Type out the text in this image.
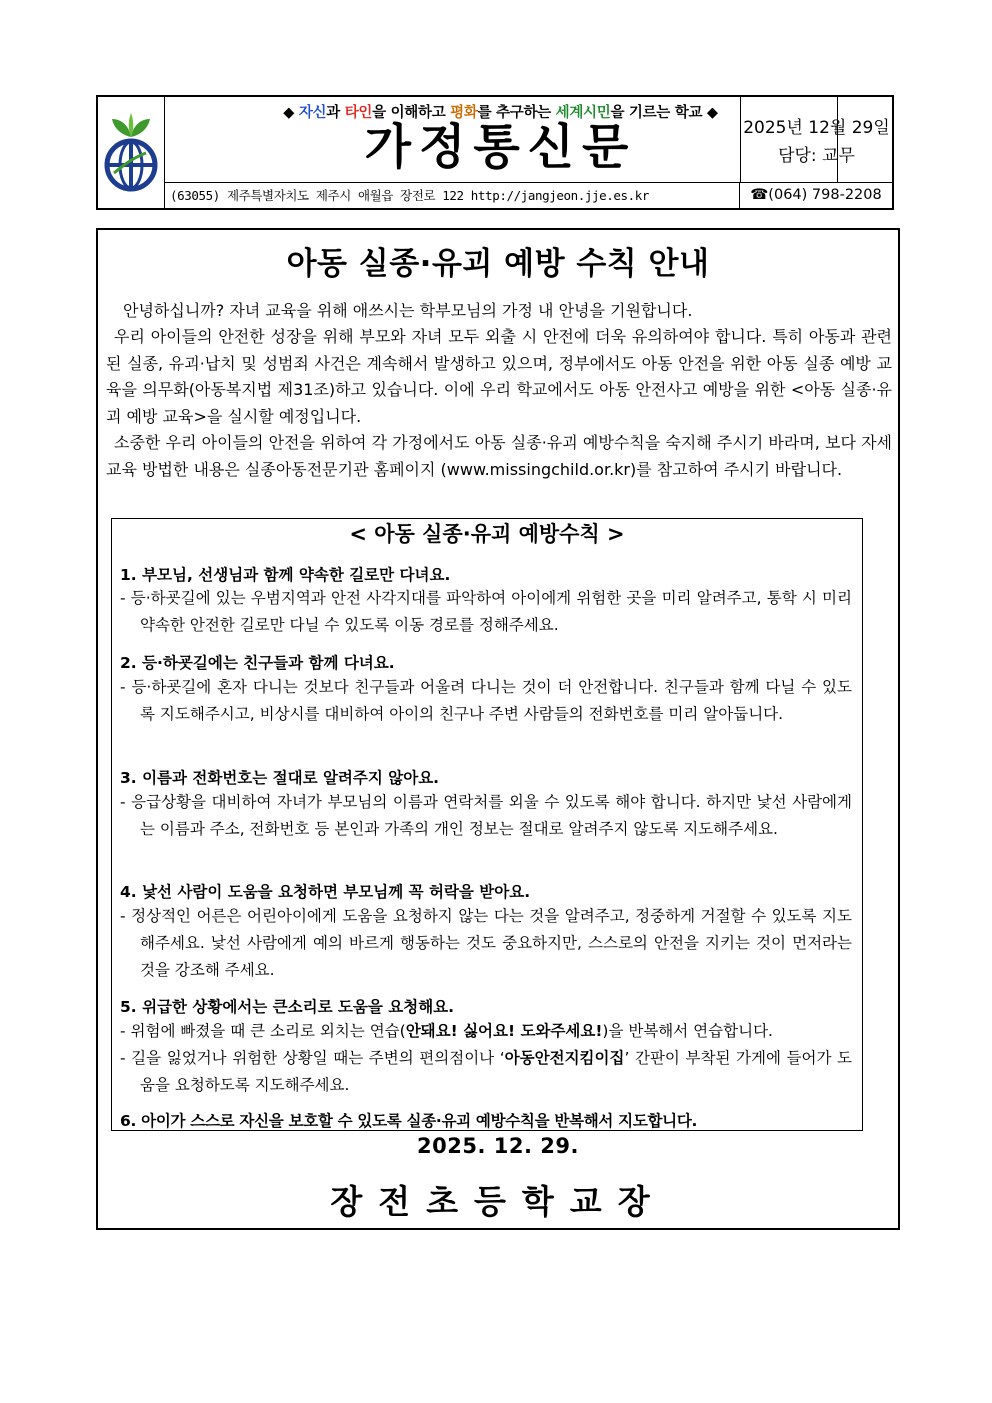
◆ 자신과 타인을 이해하고 평화를 추구하는 세계시민을 기르는 학교 ◆
가정통신문	2025년 12월 29일
담당: 교무
(63055) 제주특별자치도 제주시 애월읍 장전로 122 http://jangjeon.jje.es.kr	☎(064) 798-2208
아동 실종·유괴 예방 수칙 안내
안녕하십니까? 자녀 교육을 위해 애쓰시는 학부모님의 가정 내 안녕을 기원합니다.
우리 아이들의 안전한 성장을 위해 부모와 자녀 모두 외출 시 안전에 더욱 유의하여야 합니다. 특히 아동과 관련된 실종, 유괴·납치 및 성범죄 사건은 계속해서 발생하고 있으며, 정부에서도 아동 안전을 위한 아동 실종 예방 교육을 의무화(아동복지법 제31조)하고 있습니다. 이에 우리 학교에서도 아동 안전사고 예방을 위한 <아동 실종·유괴 예방 교육>을 실시할 예정입니다.
소중한 우리 아이들의 안전을 위하여 각 가정에서도 아동 실종·유괴 예방수칙을 숙지해 주시기 바라며, 보다 자세교육 방법한 내용은 실종아동전문기관 홈페이지 (www.missingchild.or.kr)를 참고하여 주시기 바랍니다.
< 아동 실종·유괴 예방수칙 >
1. 부모님, 선생님과 함께 약속한 길로만 다녀요.
- 등·하굣길에 있는 우범지역과 안전 사각지대를 파악하여 아이에게 위험한 곳을 미리 알려주고, 통학 시 미리 약속한 안전한 길로만 다닐 수 있도록 이동 경로를 정해주세요.
2. 등·하굣길에는 친구들과 함께 다녀요.
- 등·하굣길에 혼자 다니는 것보다 친구들과 어울려 다니는 것이 더 안전합니다. 친구들과 함께 다닐 수 있도록 지도해주시고, 비상시를 대비하여 아이의 친구나 주변 사람들의 전화번호를 미리 알아둡니다.
3. 이름과 전화번호는 절대로 알려주지 않아요.
- 응급상황을 대비하여 자녀가 부모님의 이름과 연락처를 외울 수 있도록 해야 합니다. 하지만 낯선 사람에게는 이름과 주소, 전화번호 등 본인과 가족의 개인 정보는 절대로 알려주지 않도록 지도해주세요.
4. 낯선 사람이 도움을 요청하면 부모님께 꼭 허락을 받아요.
- 정상적인 어른은 어린아이에게 도움을 요청하지 않는 다는 것을 알려주고, 정중하게 거절할 수 있도록 지도해주세요. 낯선 사람에게 예의 바르게 행동하는 것도 중요하지만, 스스로의 안전을 지키는 것이 먼저라는 것을 강조해 주세요.
5. 위급한 상황에서는 큰소리로 도움을 요청해요.
- 위험에 빠졌을 때 큰 소리로 외치는 연습(안돼요! 싫어요! 도와주세요!)을 반복해서 연습합니다.
- 길을 잃었거나 위험한 상황일 때는 주변의 편의점이나 ‘아동안전지킴이집’ 간판이 부착된 가게에 들어가 도움을 요청하도록 지도해주세요.
6. 아이가 스스로 자신을 보호할 수 있도록 실종·유괴 예방수칙을 반복해서 지도합니다.
2025. 12. 29.
장전초등학교장
